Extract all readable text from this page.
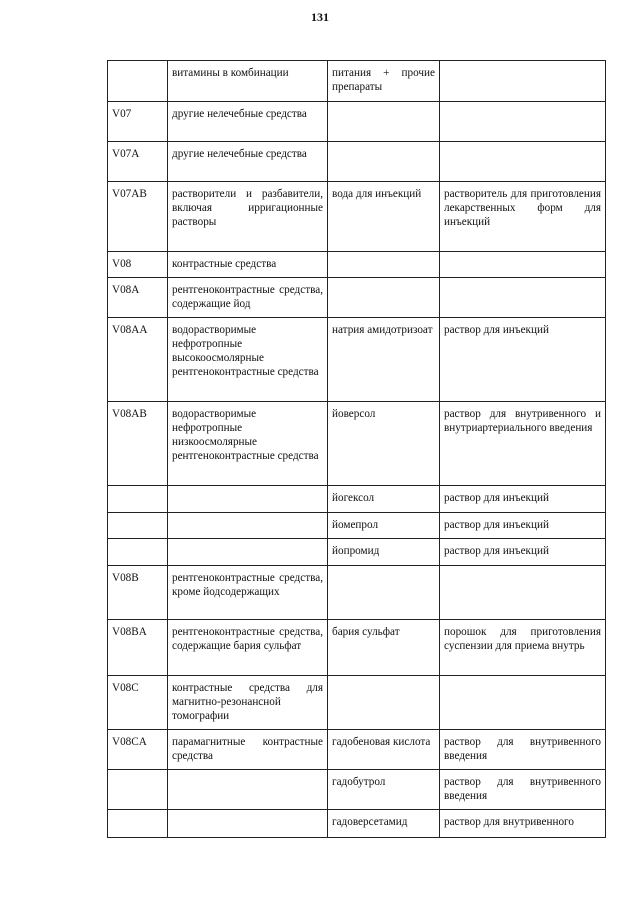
131
	витамины в комбинации	питания + прочие препараты	
V07	другие нелечебные средства		
V07A	другие нелечебные средства		
V07AB	растворители и разбавители, включая ирригационные растворы	вода для инъекций	растворитель для приготовления лекарственных форм для инъекций
V08	контрастные средства		
V08A	рентгеноконтрастные средства, содержащие йод		
V08AA	водорастворимые нефротропные высокоосмолярные рентгеноконтрастные средства	натрия амидотризоат	раствор для инъекций
V08AB	водорастворимые нефротропные низкоосмолярные рентгеноконтрастные средства	йоверсол	раствор для внутривенного и внутриартериального введения
		йогексол	раствор для инъекций
		йомепрол	раствор для инъекций
		йопромид	раствор для инъекций
V08B	рентгеноконтрастные средства, кроме йодсодержащих		
V08BA	рентгеноконтрастные средства, содержащие бария сульфат	бария сульфат	порошок для приготовления суспензии для приема внутрь
V08C	контрастные средства для магнитно-резонансной томографии		
V08CA	парамагнитные контрастные средства	гадобеновая кислота	раствор для внутривенного введения
		гадобутрол	раствор для внутривенного введения
		гадоверсетамид	раствор для внутривенного
